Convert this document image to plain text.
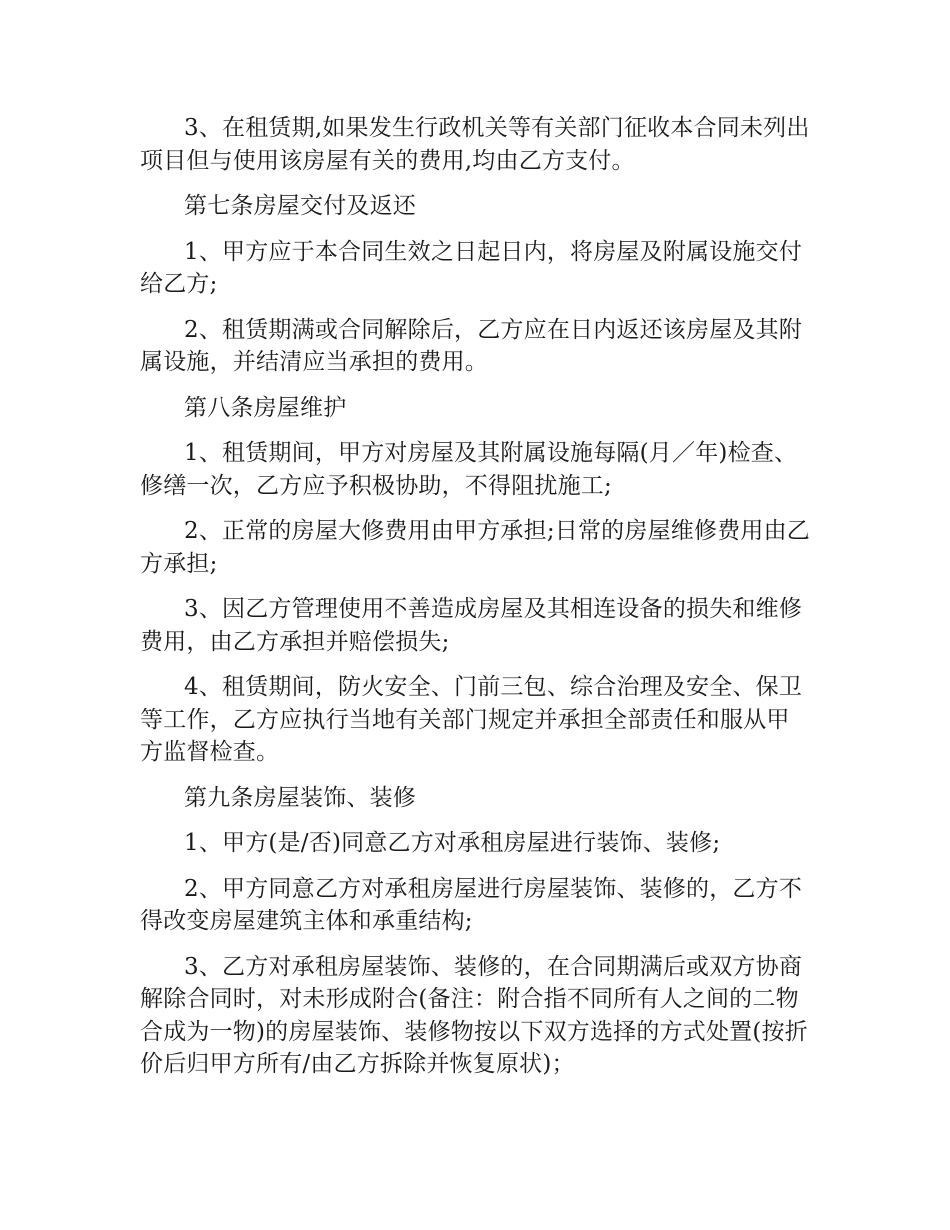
3、在租赁期,如果发生行政机关等有关部门征收本合同未列出项目但与使用该房屋有关的费用,均由乙方支付。

第七条房屋交付及返还

1、甲方应于本合同生效之日起日内，将房屋及附属设施交付给乙方;

2、租赁期满或合同解除后，乙方应在日内返还该房屋及其附属设施，并结清应当承担的费用。

第八条房屋维护

1、租赁期间，甲方对房屋及其附属设施每隔(月／年)检查、修缮一次，乙方应予积极协助，不得阻扰施工;

2、正常的房屋大修费用由甲方承担;日常的房屋维修费用由乙方承担;

3、因乙方管理使用不善造成房屋及其相连设备的损失和维修费用，由乙方承担并赔偿损失;

4、租赁期间，防火安全、门前三包、综合治理及安全、保卫等工作，乙方应执行当地有关部门规定并承担全部责任和服从甲方监督检查。

第九条房屋装饰、装修

1、甲方(是/否)同意乙方对承租房屋进行装饰、装修;

2、甲方同意乙方对承租房屋进行房屋装饰、装修的，乙方不得改变房屋建筑主体和承重结构;

3、乙方对承租房屋装饰、装修的，在合同期满后或双方协商解除合同时，对未形成附合(备注：附合指不同所有人之间的二物合成为一物)的房屋装饰、装修物按以下双方选择的方式处置(按折价后归甲方所有/由乙方拆除并恢复原状)；
